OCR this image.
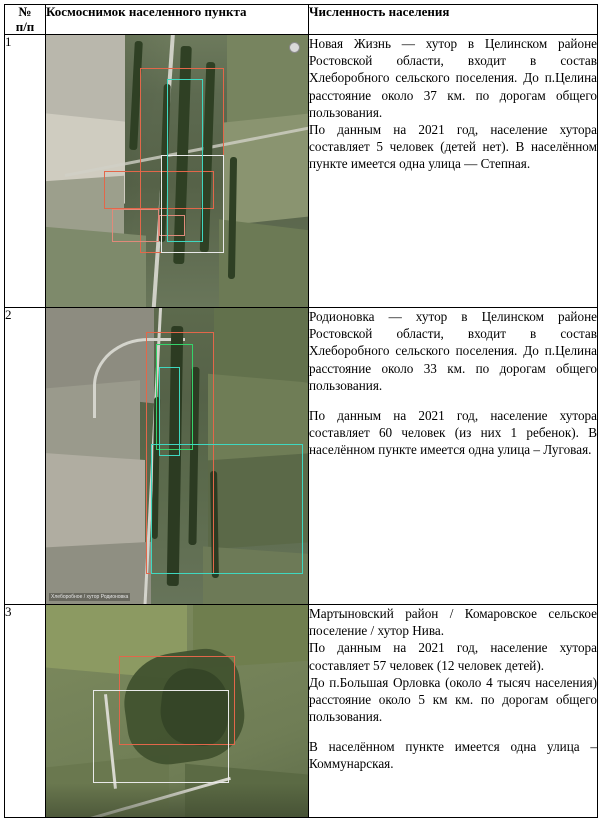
№
п/п	Космоснимок населенного пункта	Численность населения
1		Новая Жизнь — хутор в Целинском районе Ростовской области, входит в состав Хлеборобного сельского поселения. До п.Целина расстояние около 37 км. по дорогам общего пользования.

По данным на 2021 год, население хутора составляет 5 человек (детей нет). В населённом пункте имеется одна улица — Степная.

2	Хлеборобное / хутор Родионовка	Родионовка — хутор в Целинском районе Ростовской области, входит в состав Хлеборобного сельского поселения. До п.Целина расстояние около 33 км. по дорогам общего пользования.

По данным на 2021 год, население хутора составляет 60 человек (из них 1 ребенок). В населённом пункте имеется одна улица – Луговая.

3		Мартыновский район / Комаровское сельское поселение / хутор Нива.

По данным на 2021 год, население хутора составляет 57 человек (12 человек детей).

До п.Большая Орловка (около 4 тысяч населения) расстояние около 5 км км. по дорогам общего пользования.

В населённом пункте имеется одна улица – Коммунарская.
